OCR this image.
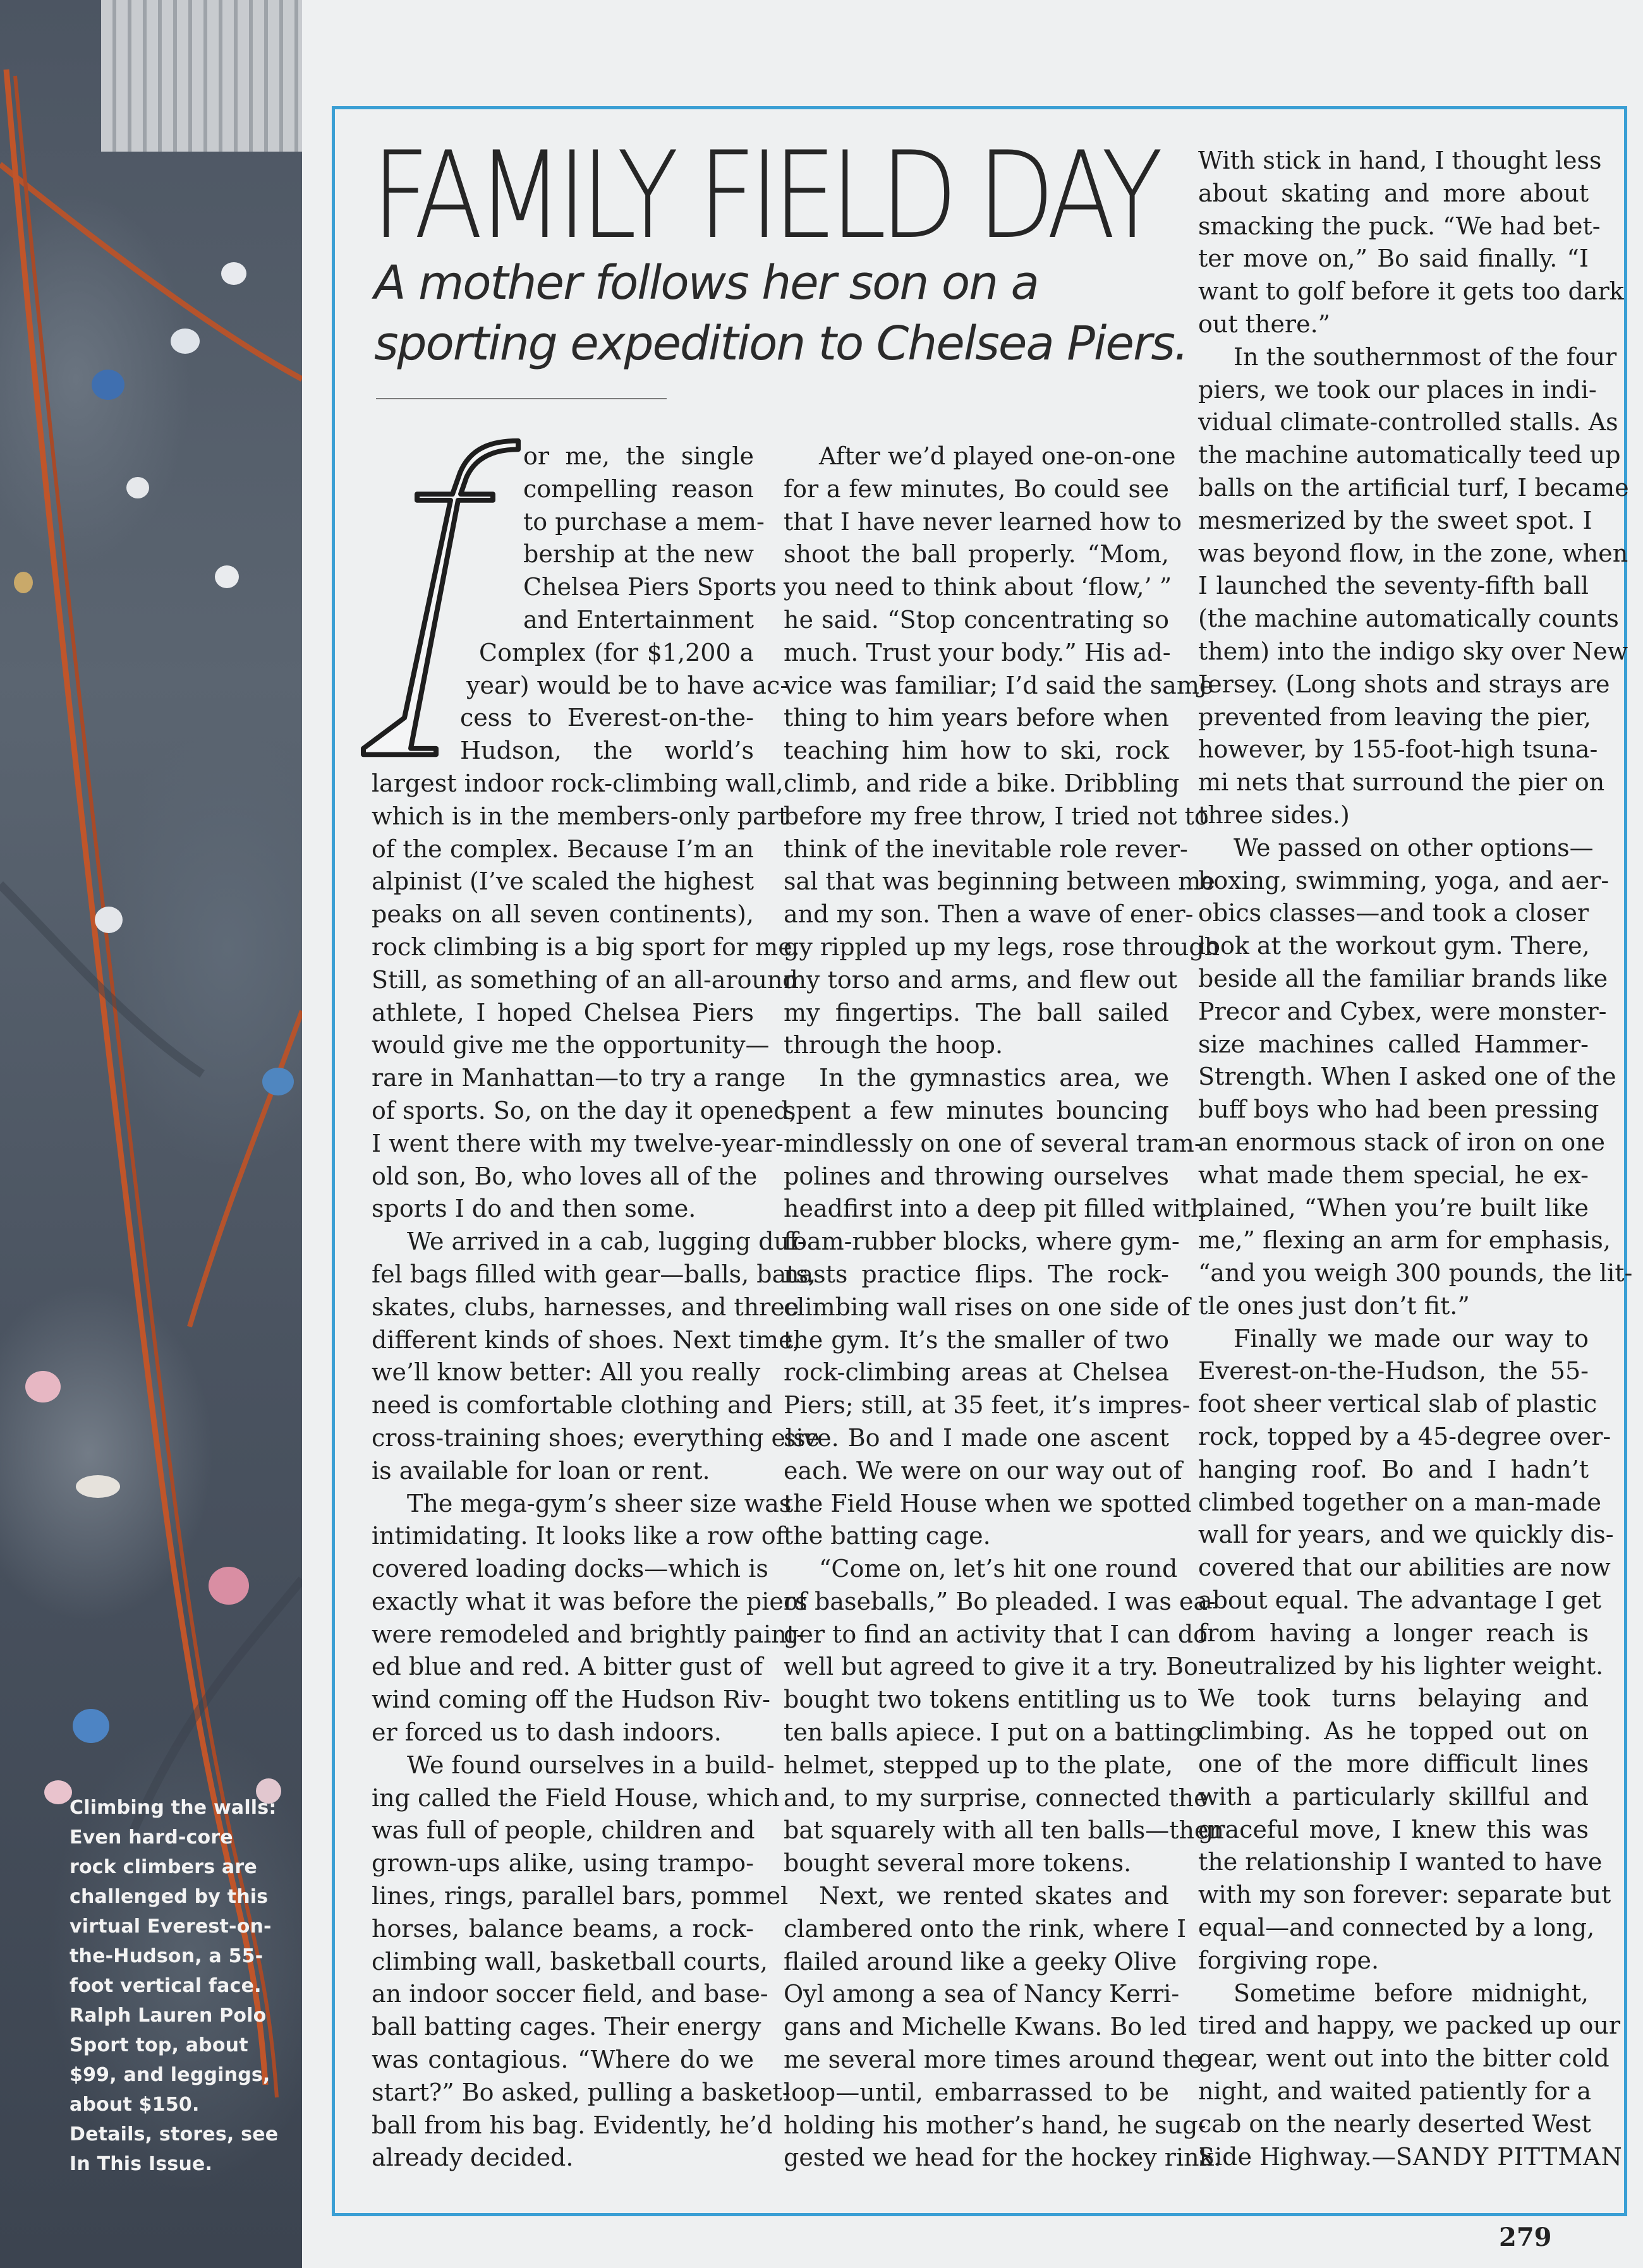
Climbing the walls:
Even hard-core
rock climbers are
challenged by this
virtual Everest-on-
the-Hudson, a 55-
foot vertical face.
Ralph Lauren Polo
Sport top, about
$99, and leggings,
about $150.
Details, stores, see
In This Issue.
FAMILY FIELD DAY
A mother follows her son on a
sporting expedition to Chelsea Piers.
f
or me, the single
compelling reason
to purchase a mem-
bership at the new
Chelsea Piers Sports
and Entertainment
Complex (for $1,200 a
year) would be to have ac-
cess to Everest-on-the-
Hudson, the world’s
largest indoor rock-climbing wall,
which is in the members-only part
of the complex. Because I’m an
alpinist (I’ve scaled the highest
peaks on all seven continents),
rock climbing is a big sport for me.
Still, as something of an all-around
athlete, I hoped Chelsea Piers
would give me the opportunity—
rare in Manhattan—to try a range
of sports. So, on the day it opened,
I went there with my twelve-year-
old son, Bo, who loves all of the
sports I do and then some.
We arrived in a cab, lugging duf-
fel bags filled with gear—balls, bats,
skates, clubs, harnesses, and three
different kinds of shoes. Next time,
we’ll know better: All you really
need is comfortable clothing and
cross-training shoes; everything else
is available for loan or rent.
The mega-gym’s sheer size was
intimidating. It looks like a row of
covered loading docks—which is
exactly what it was before the piers
were remodeled and brightly paint-
ed blue and red. A bitter gust of
wind coming off the Hudson Riv-
er forced us to dash indoors.
We found ourselves in a build-
ing called the Field House, which
was full of people, children and
grown-ups alike, using trampo-
lines, rings, parallel bars, pommel
horses, balance beams, a rock-
climbing wall, basketball courts,
an indoor soccer field, and base-
ball batting cages. Their energy
was contagious. “Where do we
start?” Bo asked, pulling a basket-
ball from his bag. Evidently, he’d
already decided.
After we’d played one-on-one
for a few minutes, Bo could see
that I have never learned how to
shoot the ball properly. “Mom,
you need to think about ‘flow,’ ”
he said. “Stop concentrating so
much. Trust your body.” His ad-
vice was familiar; I’d said the same
thing to him years before when
teaching him how to ski, rock
climb, and ride a bike. Dribbling
before my free throw, I tried not to
think of the inevitable role rever-
sal that was beginning between me
and my son. Then a wave of ener-
gy rippled up my legs, rose through
my torso and arms, and flew out
my fingertips. The ball sailed
through the hoop.
In the gymnastics area, we
spent a few minutes bouncing
mindlessly on one of several tram-
polines and throwing ourselves
headfirst into a deep pit filled with
foam-rubber blocks, where gym-
nasts practice flips. The rock-
climbing wall rises on one side of
the gym. It’s the smaller of two
rock-climbing areas at Chelsea
Piers; still, at 35 feet, it’s impres-
sive. Bo and I made one ascent
each. We were on our way out of
the Field House when we spotted
the batting cage.
“Come on, let’s hit one round
of baseballs,” Bo pleaded. I was ea-
ger to find an activity that I can do
well but agreed to give it a try. Bo
bought two tokens entitling us to
ten balls apiece. I put on a batting
helmet, stepped up to the plate,
and, to my surprise, connected the
bat squarely with all ten balls—then
bought several more tokens.
Next, we rented skates and
clambered onto the rink, where I
flailed around like a geeky Olive
Oyl among a sea of Nancy Kerri-
gans and Michelle Kwans. Bo led
me several more times around the
loop—until, embarrassed to be
holding his mother’s hand, he sug-
gested we head for the hockey rink.
With stick in hand, I thought less
about skating and more about
smacking the puck. “We had bet-
ter move on,” Bo said finally. “I
want to golf before it gets too dark
out there.”
In the southernmost of the four
piers, we took our places in indi-
vidual climate-controlled stalls. As
the machine automatically teed up
balls on the artificial turf, I became
mesmerized by the sweet spot. I
was beyond flow, in the zone, when
I launched the seventy-fifth ball
(the machine automatically counts
them) into the indigo sky over New
Jersey. (Long shots and strays are
prevented from leaving the pier,
however, by 155-foot-high tsuna-
mi nets that surround the pier on
three sides.)
We passed on other options—
boxing, swimming, yoga, and aer-
obics classes—and took a closer
look at the workout gym. There,
beside all the familiar brands like
Precor and Cybex, were monster-
size machines called Hammer-
Strength. When I asked one of the
buff boys who had been pressing
an enormous stack of iron on one
what made them special, he ex-
plained, “When you’re built like
me,” flexing an arm for emphasis,
“and you weigh 300 pounds, the lit-
tle ones just don’t fit.”
Finally we made our way to
Everest-on-the-Hudson, the 55-
foot sheer vertical slab of plastic
rock, topped by a 45-degree over-
hanging roof. Bo and I hadn’t
climbed together on a man-made
wall for years, and we quickly dis-
covered that our abilities are now
about equal. The advantage I get
from having a longer reach is
neutralized by his lighter weight.
We took turns belaying and
climbing. As he topped out on
one of the more difficult lines
with a particularly skillful and
graceful move, I knew this was
the relationship I wanted to have
with my son forever: separate but
equal—and connected by a long,
forgiving rope.
Sometime before midnight,
tired and happy, we packed up our
gear, went out into the bitter cold
night, and waited patiently for a
cab on the nearly deserted West
Side Highway.—SANDY PITTMAN
279
